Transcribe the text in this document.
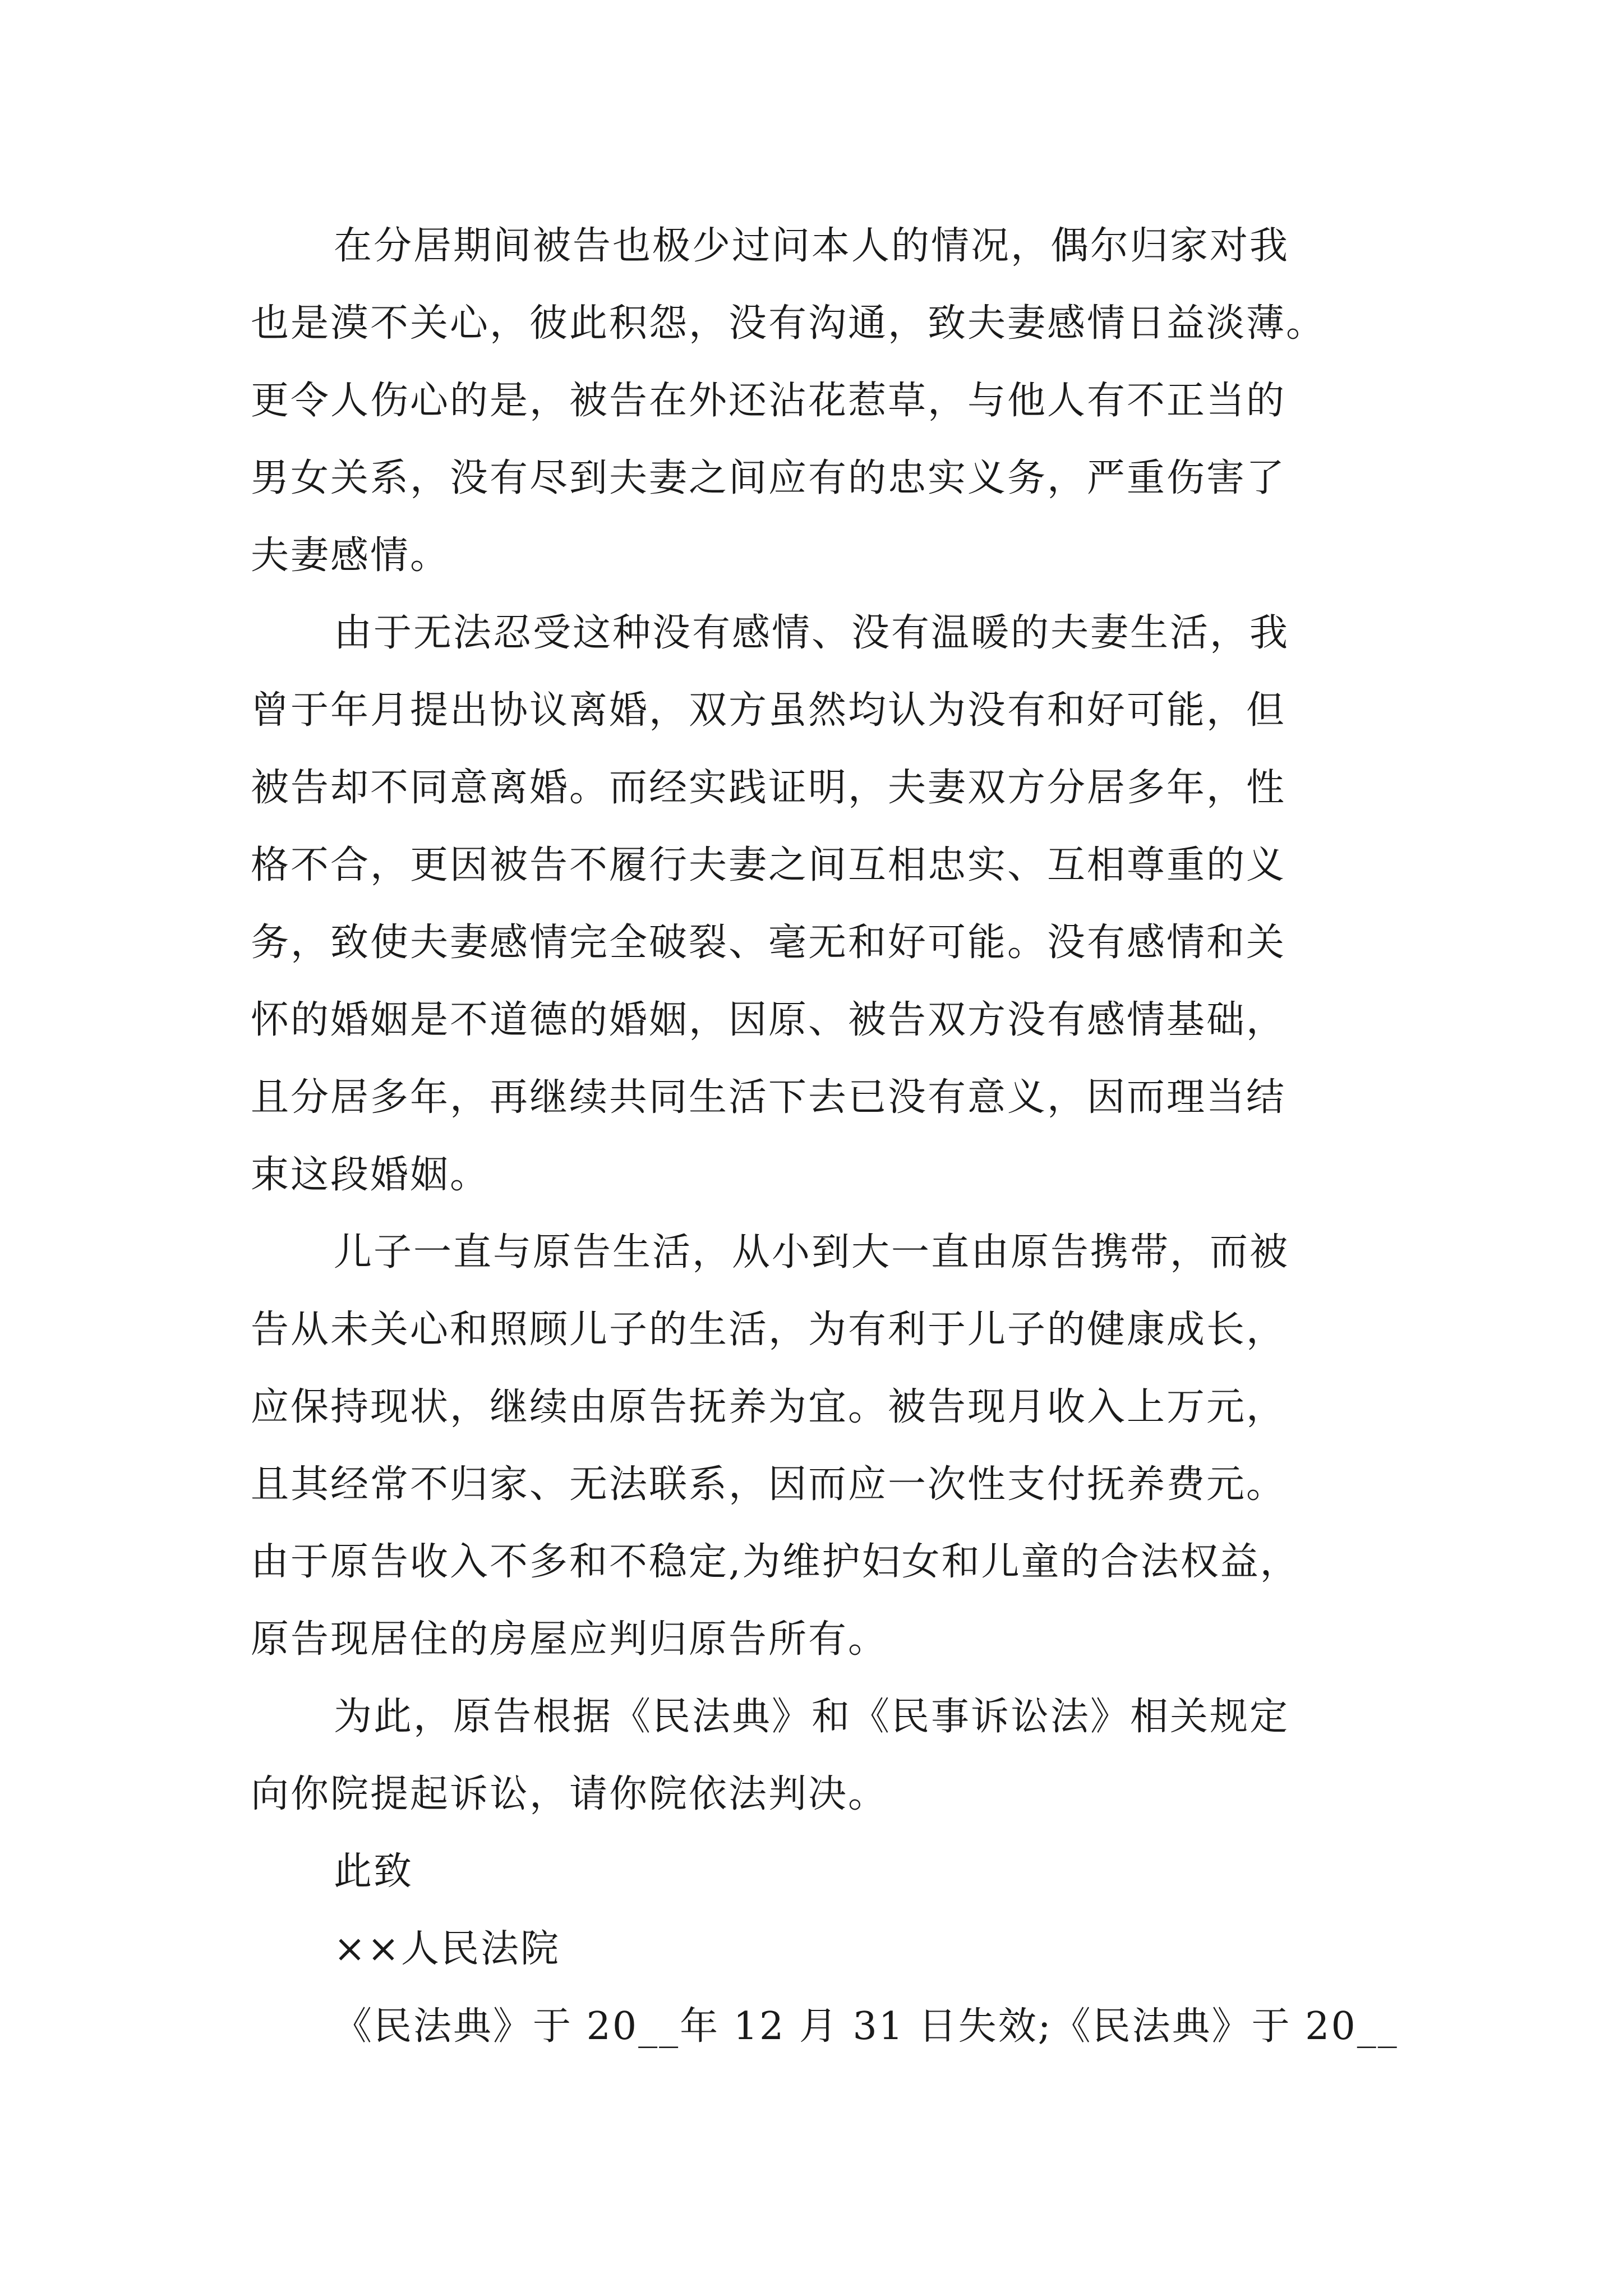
在分居期间被告也极少过问本人的情况，偶尔归家对我
也是漠不关心，彼此积怨，没有沟通，致夫妻感情日益淡薄。
更令人伤心的是，被告在外还沾花惹草，与他人有不正当的
男女关系，没有尽到夫妻之间应有的忠实义务，严重伤害了
夫妻感情。

由于无法忍受这种没有感情、没有温暖的夫妻生活，我
曾于年月提出协议离婚，双方虽然均认为没有和好可能，但
被告却不同意离婚。而经实践证明，夫妻双方分居多年，性
格不合，更因被告不履行夫妻之间互相忠实、互相尊重的义
务，致使夫妻感情完全破裂、毫无和好可能。没有感情和关
怀的婚姻是不道德的婚姻，因原、被告双方没有感情基础，
且分居多年，再继续共同生活下去已没有意义，因而理当结
束这段婚姻。

儿子一直与原告生活，从小到大一直由原告携带，而被
告从未关心和照顾儿子的生活，为有利于儿子的健康成长，
应保持现状，继续由原告抚养为宜。被告现月收入上万元，
且其经常不归家、无法联系，因而应一次性支付抚养费元。
由于原告收入不多和不稳定,为维护妇女和儿童的合法权益，
原告现居住的房屋应判归原告所有。

为此，原告根据《民法典》和《民事诉讼法》相关规定
向你院提起诉讼，请你院依法判决。

此致

××人民法院

《民法典》于 20__年 12 月 31 日失效;《民法典》于 20__
